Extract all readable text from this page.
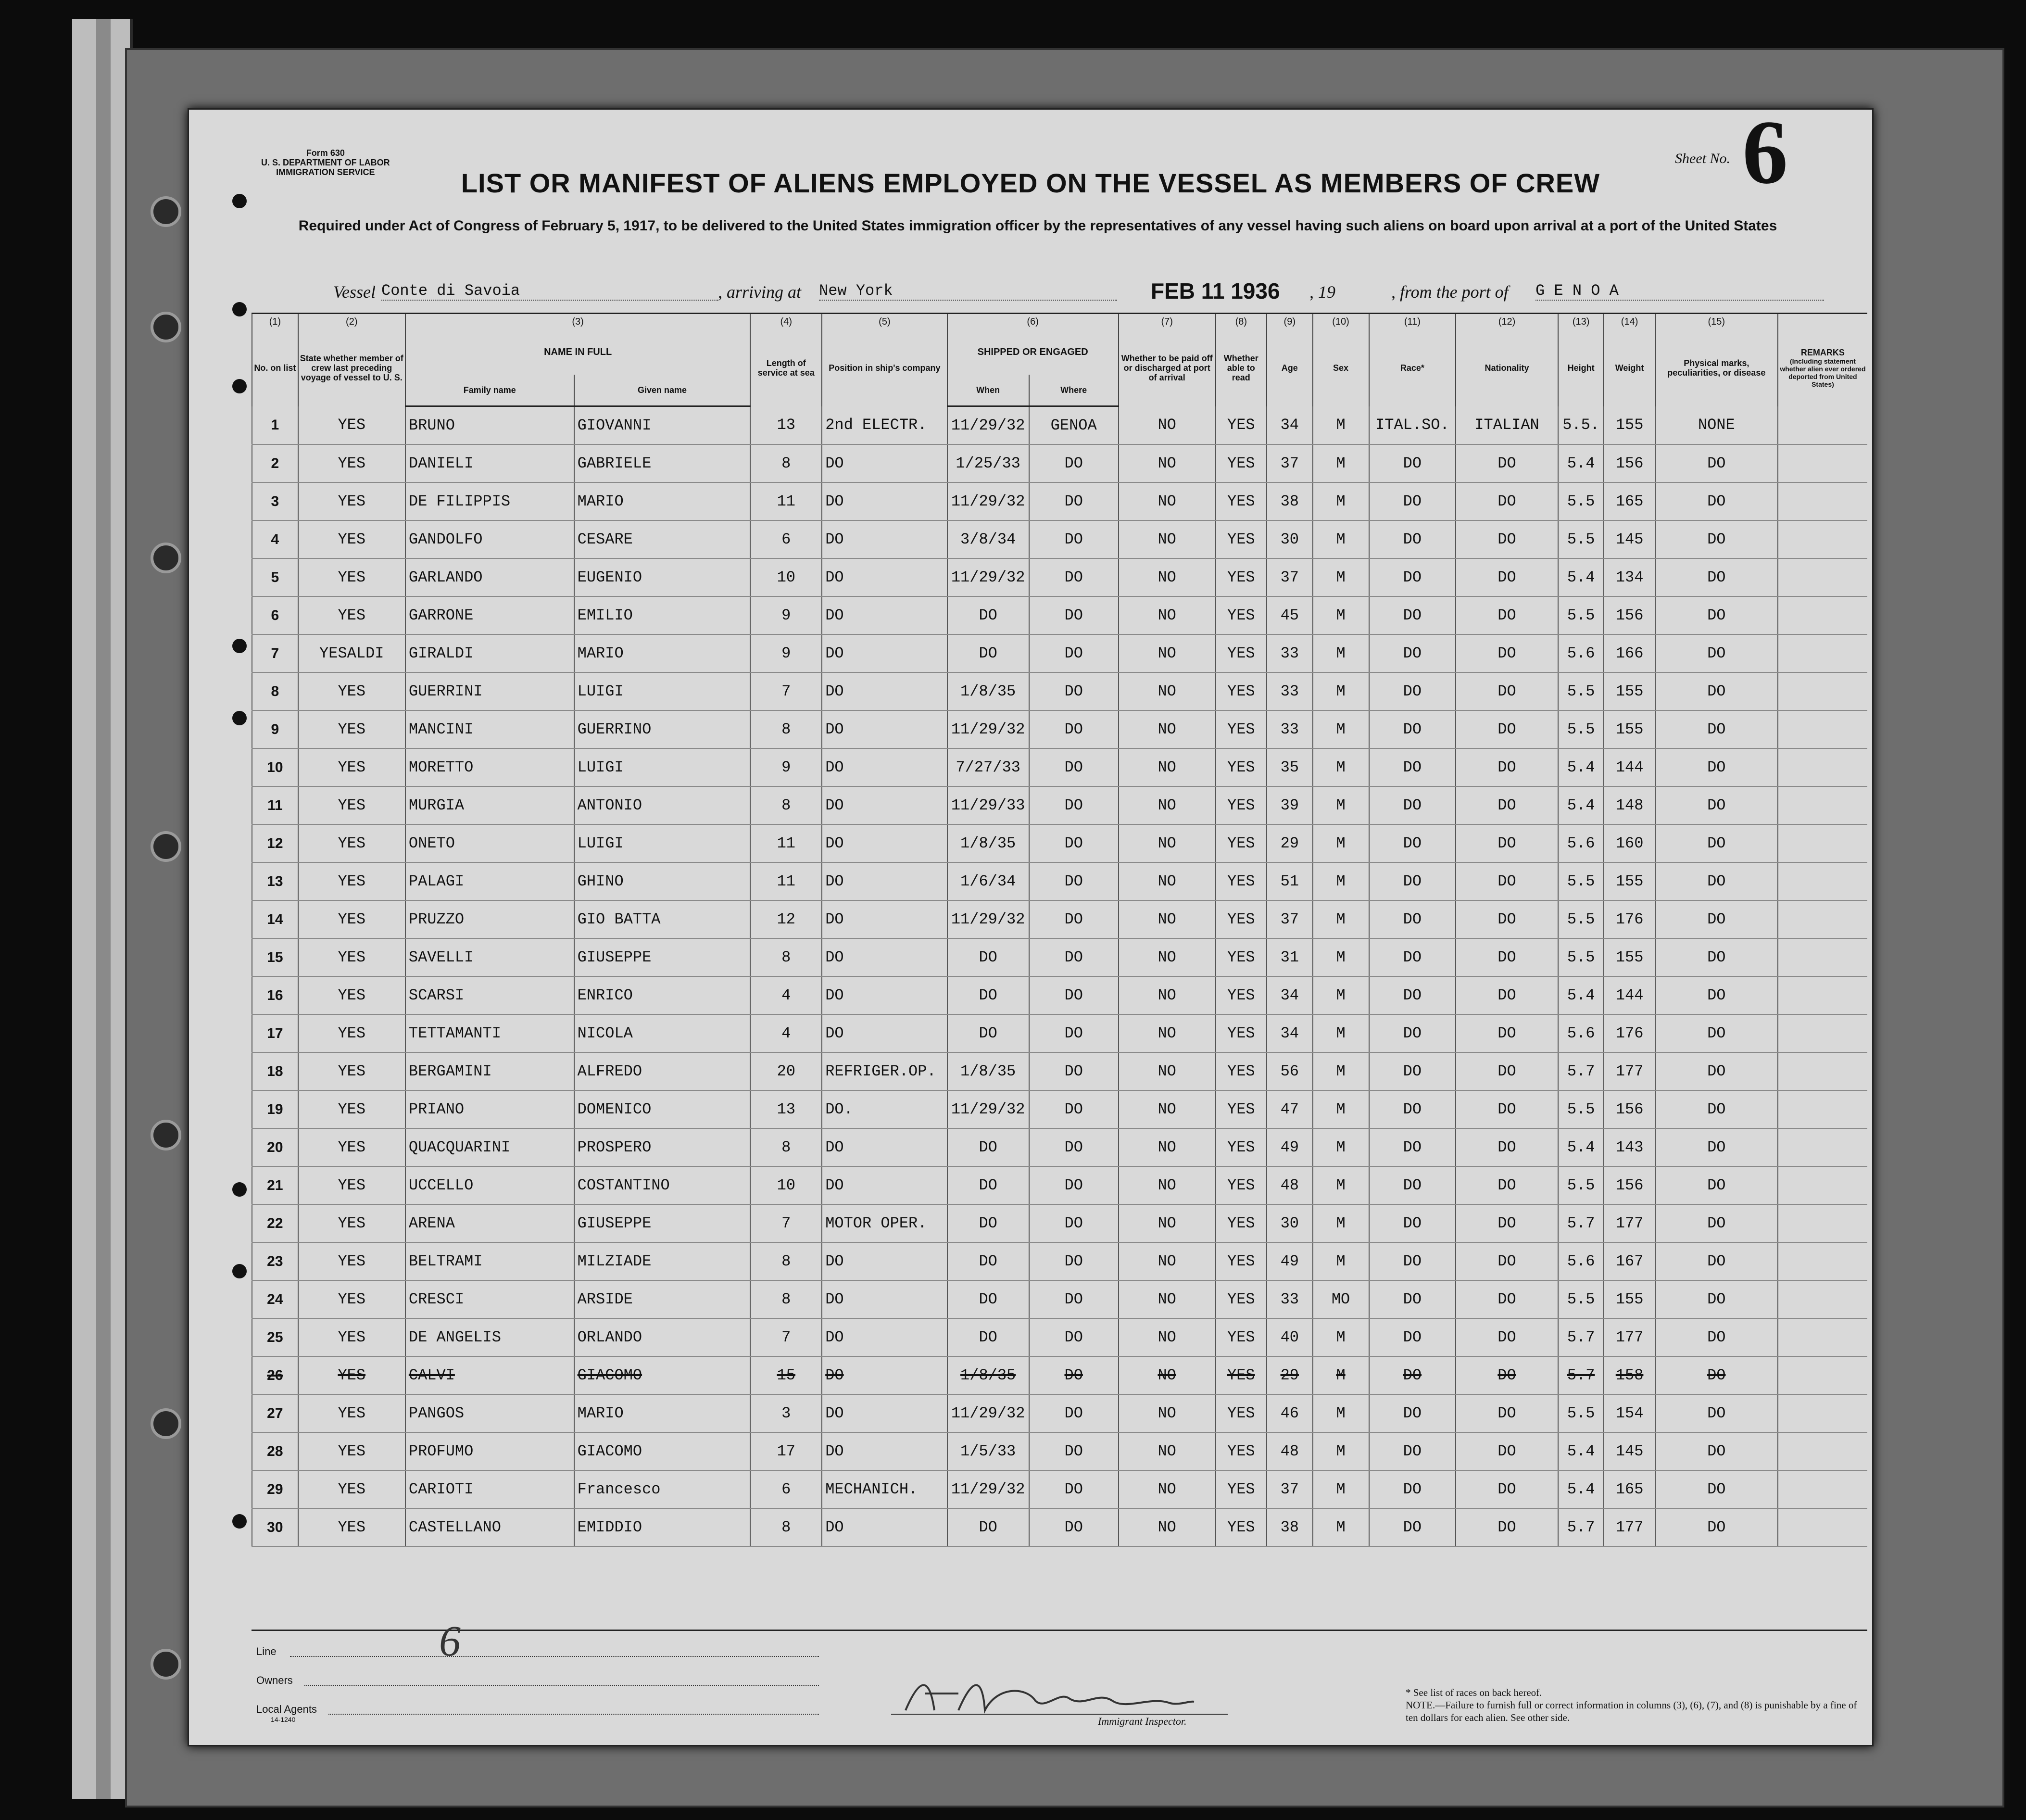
Form 630
U. S. DEPARTMENT OF LABOR
IMMIGRATION SERVICE
Sheet No. 6
LIST OR MANIFEST OF ALIENS EMPLOYED ON THE VESSEL AS MEMBERS OF CREW
Required under Act of Congress of February 5, 1917, to be delivered to the United States immigration officer by the representatives of any vessel having such aliens on board upon arrival at a port of the United States
Vessel Conte di Savoia	, arriving at New York	FEB 11 1936 , 19	, from the port of G E N O A
(1)	(2)	(3)		(4)	(5)	(6)		(7)	(8)	(9)	(10)	(11)	(12)	(13)	(14)	(15)	
No. on list	State whether member of crew last preceding voyage of vessel to U. S.	NAME IN FULL		Length of service at sea	Position in ship's company	SHIPPED OR ENGAGED		Whether to be paid off or discharged at port of arrival	Whether able to read	Age	Sex	Race*	Nationality	Height	Weight	Physical marks, peculiarities, or disease	REMARKS
(Including statement whether alien ever ordered deported from United States)

		Family name	Given name			When	Where										
1	YES	BRUNO	GIOVANNI	13	2nd ELECTR.	11/29/32	GENOA	NO	YES	34	M	ITAL.SO.	ITALIAN	5.5.	155	NONE	
2	YES	DANIELI	GABRIELE	8	DO	1/25/33	DO	NO	YES	37	M	DO	DO	5.4	156	DO	
3	YES	DE FILIPPIS	MARIO	11	DO	11/29/32	DO	NO	YES	38	M	DO	DO	5.5	165	DO	
4	YES	GANDOLFO	CESARE	6	DO	3/8/34	DO	NO	YES	30	M	DO	DO	5.5	145	DO	
5	YES	GARLANDO	EUGENIO	10	DO	11/29/32	DO	NO	YES	37	M	DO	DO	5.4	134	DO	
6	YES	GARRONE	EMILIO	9	DO	DO	DO	NO	YES	45	M	DO	DO	5.5	156	DO	
7	YESALDI	GIRALDI	MARIO	9	DO	DO	DO	NO	YES	33	M	DO	DO	5.6	166	DO	
8	YES	GUERRINI	LUIGI	7	DO	1/8/35	DO	NO	YES	33	M	DO	DO	5.5	155	DO	
9	YES	MANCINI	GUERRINO	8	DO	11/29/32	DO	NO	YES	33	M	DO	DO	5.5	155	DO	
10	YES	MORETTO	LUIGI	9	DO	7/27/33	DO	NO	YES	35	M	DO	DO	5.4	144	DO	
11	YES	MURGIA	ANTONIO	8	DO	11/29/33	DO	NO	YES	39	M	DO	DO	5.4	148	DO	
12	YES	ONETO	LUIGI	11	DO	1/8/35	DO	NO	YES	29	M	DO	DO	5.6	160	DO	
13	YES	PALAGI	GHINO	11	DO	1/6/34	DO	NO	YES	51	M	DO	DO	5.5	155	DO	
14	YES	PRUZZO	GIO BATTA	12	DO	11/29/32	DO	NO	YES	37	M	DO	DO	5.5	176	DO	
15	YES	SAVELLI	GIUSEPPE	8	DO	DO	DO	NO	YES	31	M	DO	DO	5.5	155	DO	
16	YES	SCARSI	ENRICO	4	DO	DO	DO	NO	YES	34	M	DO	DO	5.4	144	DO	
17	YES	TETTAMANTI	NICOLA	4	DO	DO	DO	NO	YES	34	M	DO	DO	5.6	176	DO	
18	YES	BERGAMINI	ALFREDO	20	REFRIGER.OP.	1/8/35	DO	NO	YES	56	M	DO	DO	5.7	177	DO	
19	YES	PRIANO	DOMENICO	13	DO.	11/29/32	DO	NO	YES	47	M	DO	DO	5.5	156	DO	
20	YES	QUACQUARINI	PROSPERO	8	DO	DO	DO	NO	YES	49	M	DO	DO	5.4	143	DO	
21	YES	UCCELLO	COSTANTINO	10	DO	DO	DO	NO	YES	48	M	DO	DO	5.5	156	DO	
22	YES	ARENA	GIUSEPPE	7	MOTOR OPER.	DO	DO	NO	YES	30	M	DO	DO	5.7	177	DO	
23	YES	BELTRAMI	MILZIADE	8	DO	DO	DO	NO	YES	49	M	DO	DO	5.6	167	DO	
24	YES	CRESCI	ARSIDE	8	DO	DO	DO	NO	YES	33	MO	DO	DO	5.5	155	DO	
25	YES	DE ANGELIS	ORLANDO	7	DO	DO	DO	NO	YES	40	M	DO	DO	5.7	177	DO	
26	YES	CALVI	GIACOMO	15	DO	1/8/35	DO	NO	YES	29	M	DO	DO	5.7	158	DO	
27	YES	PANGOS	MARIO	3	DO	11/29/32	DO	NO	YES	46	M	DO	DO	5.5	154	DO	
28	YES	PROFUMO	GIACOMO	17	DO	1/5/33	DO	NO	YES	48	M	DO	DO	5.4	145	DO	
29	YES	CARIOTI	Francesco	6	MECHANICH.	11/29/32	DO	NO	YES	37	M	DO	DO	5.4	165	DO	
30	YES	CASTELLANO	EMIDDIO	8	DO	DO	DO	NO	YES	38	M	DO	DO	5.7	177	DO	
Line
Owners
Local Agents
14-1240
6
Immigrant Inspector.
* See list of races on back hereof.
NOTE.—Failure to furnish full or correct information in columns (3), (6), (7), and (8) is punishable by a fine of ten dollars for each alien. See other side.
